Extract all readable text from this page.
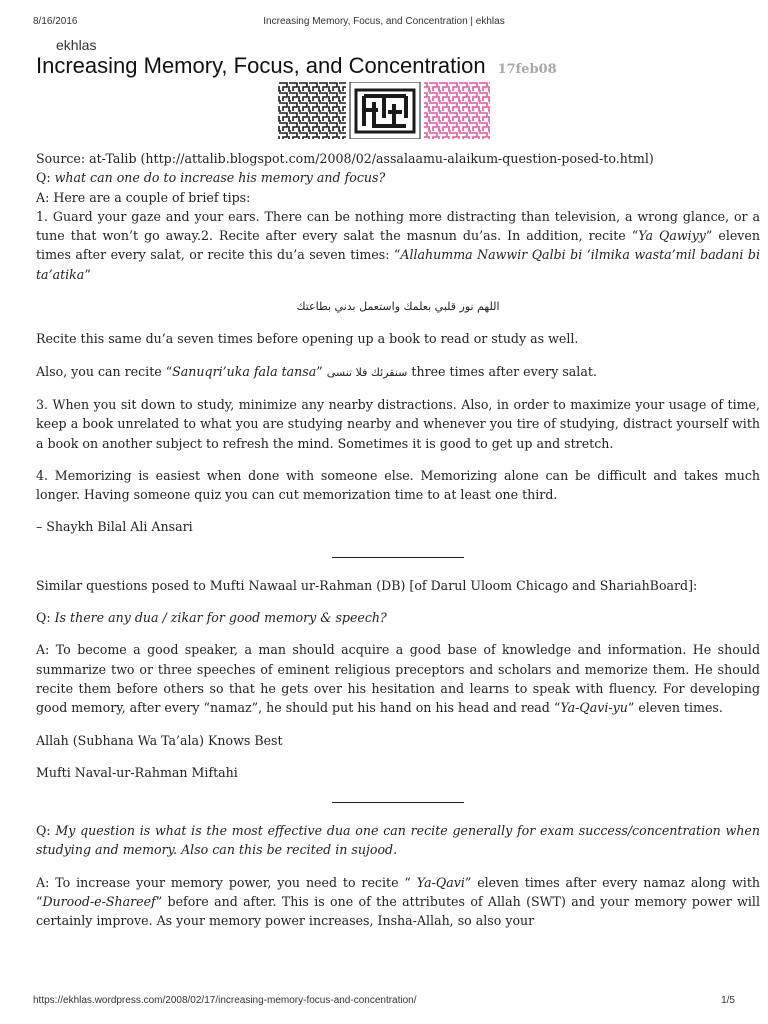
8/16/2016	Increasing Memory, Focus, and Concentration | ekhlas
ekhlas
Increasing Memory, Focus, and Concentration 17feb08

Source: at-Talib (http://attalib.blogspot.com/2008/02/assalaamu-alaikum-question-posed-to.html)

Q: what can one do to increase his memory and focus?

A: Here are a couple of brief tips:

1. Guard your gaze and your ears. There can be nothing more distracting than television, a wrong glance, or a tune that won’t go away.2. Recite after every salat the masnun du’as. In addition, recite “Ya Qawiyy” eleven times after every salat, or recite this du’a seven times: “Allahumma Nawwir Qalbi bi ‘ilmika wasta’mil badani bi ta’atika”

اللهم نور قلبي بعلمك واستعمل بدني بطاعتك

Recite this same du’a seven times before opening up a book to read or study as well.

Also, you can recite “Sanuqri’uka fala tansa” سنقرئك فلا تنسى three times after every salat.

3. When you sit down to study, minimize any nearby distractions. Also, in order to maximize your usage of time, keep a book unrelated to what you are studying nearby and whenever you tire of studying, distract yourself with a book on another subject to refresh the mind. Sometimes it is good to get up and stretch.

4. Memorizing is easiest when done with someone else. Memorizing alone can be difficult and takes much longer. Having someone quiz you can cut memorization time to at least one third.

– Shaykh Bilal Ali Ansari

Similar questions posed to Mufti Nawaal ur-Rahman (DB) [of Darul Uloom Chicago and ShariahBoard]:

Q: Is there any dua / zikar for good memory & speech?

A: To become a good speaker, a man should acquire a good base of knowledge and information. He should summarize two or three speeches of eminent religious preceptors and scholars and memorize them. He should recite them before others so that he gets over his hesitation and learns to speak with fluency. For developing good memory, after every “namaz”, he should put his hand on his head and read “Ya-Qavi-yu” eleven times.

Allah (Subhana Wa Ta’ala) Knows Best

Mufti Naval-ur-Rahman Miftahi

Q: My question is what is the most effective dua one can recite generally for exam success/concentration when studying and memory. Also can this be recited in sujood.

A: To increase your memory power, you need to recite “ Ya-Qavi” eleven times after every namaz along with “Durood-e-Shareef” before and after. This is one of the attributes of Allah (SWT) and your memory power will certainly improve. As your memory power increases, Insha-Allah, so also your

https://ekhlas.wordpress.com/2008/02/17/increasing-memory-focus-and-concentration/	1/5
